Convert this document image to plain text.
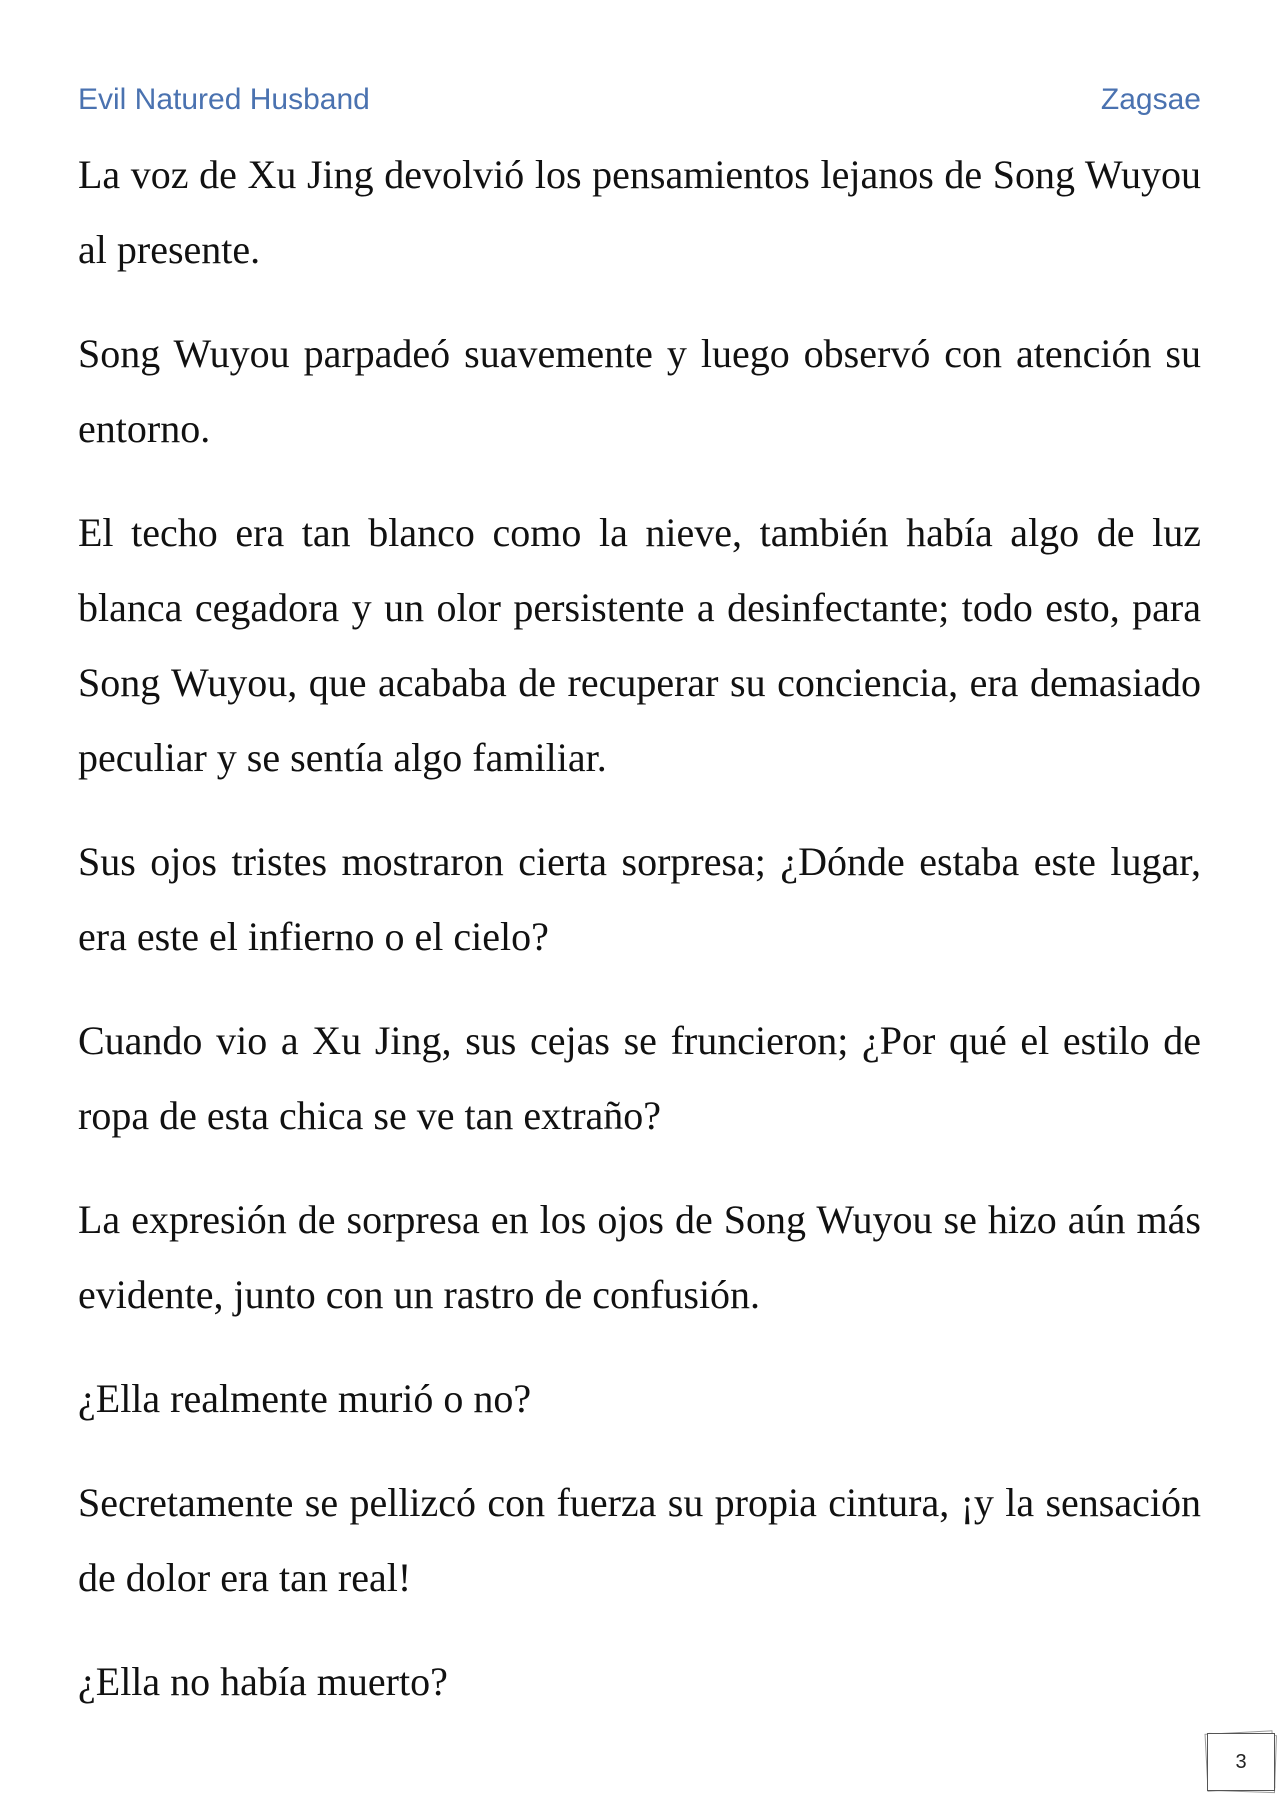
Evil Natured Husband	Zagsae

La voz de Xu Jing devolvió los pensamientos lejanos de Song Wuyou al presente.

Song Wuyou parpadeó suavemente y luego observó con atención su entorno.

El techo era tan blanco como la nieve, también había algo de luz blanca cegadora y un olor persistente a desinfectante; todo esto, para Song Wuyou, que acababa de recuperar su conciencia, era demasiado peculiar y se sentía algo familiar.

Sus ojos tristes mostraron cierta sorpresa; ¿Dónde estaba este lugar, era este el infierno o el cielo?

Cuando vio a Xu Jing, sus cejas se fruncieron; ¿Por qué el estilo de ropa de esta chica se ve tan extraño?

La expresión de sorpresa en los ojos de Song Wuyou se hizo aún más evidente, junto con un rastro de confusión.

¿Ella realmente murió o no?

Secretamente se pellizcó con fuerza su propia cintura, ¡y la sensación de dolor era tan real!

¿Ella no había muerto?

3
